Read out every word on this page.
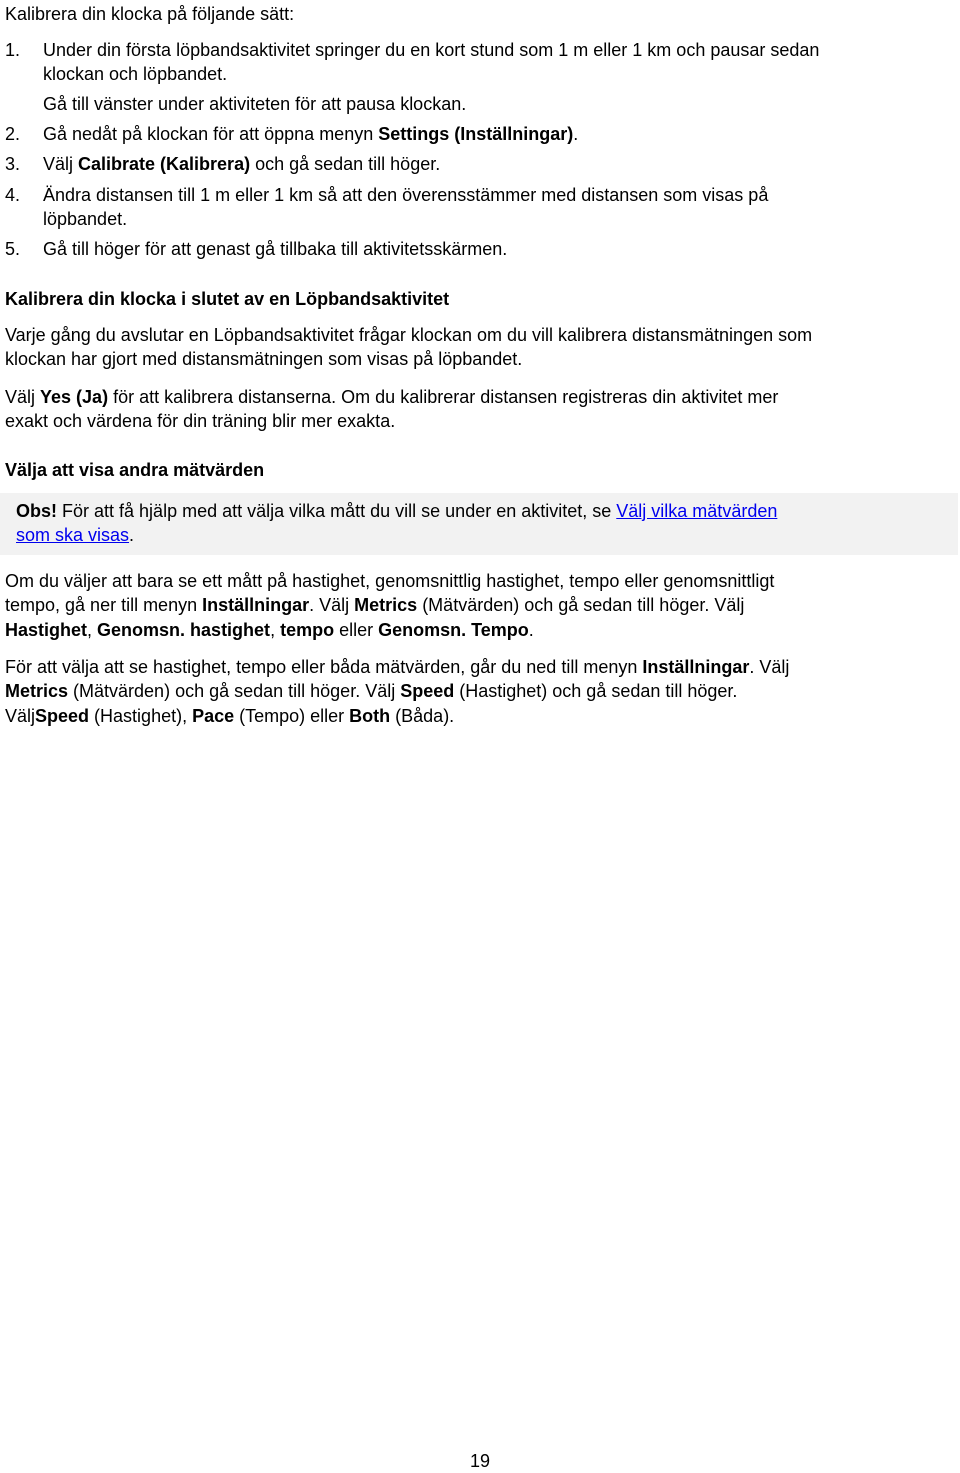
Kalibrera din klocka på följande sätt:
1. Under din första löpbandsaktivitet springer du en kort stund som 1 m eller 1 km och pausar sedan
klockan och löpbandet.
Gå till vänster under aktiviteten för att pausa klockan.
2. Gå nedåt på klockan för att öppna menyn Settings (Inställningar).
3. Välj Calibrate (Kalibrera) och gå sedan till höger.
4. Ändra distansen till 1 m eller 1 km så att den överensstämmer med distansen som visas på
löpbandet.
5. Gå till höger för att genast gå tillbaka till aktivitetsskärmen.
Kalibrera din klocka i slutet av en Löpbandsaktivitet
Varje gång du avslutar en Löpbandsaktivitet frågar klockan om du vill kalibrera distansmätningen som
klockan har gjort med distansmätningen som visas på löpbandet.
Välj Yes (Ja) för att kalibrera distanserna. Om du kalibrerar distansen registreras din aktivitet mer
exakt och värdena för din träning blir mer exakta.
Välja att visa andra mätvärden
Obs! För att få hjälp med att välja vilka mått du vill se under en aktivitet, se Välj vilka mätvärden
som ska visas.
Om du väljer att bara se ett mått på hastighet, genomsnittlig hastighet, tempo eller genomsnittligt
tempo, gå ner till menyn Inställningar. Välj Metrics (Mätvärden) och gå sedan till höger. Välj
Hastighet, Genomsn. hastighet, tempo eller Genomsn. Tempo.
För att välja att se hastighet, tempo eller båda mätvärden, går du ned till menyn Inställningar. Välj
Metrics (Mätvärden) och gå sedan till höger. Välj Speed (Hastighet) och gå sedan till höger.
VäljSpeed (Hastighet), Pace (Tempo) eller Both (Båda).
19
